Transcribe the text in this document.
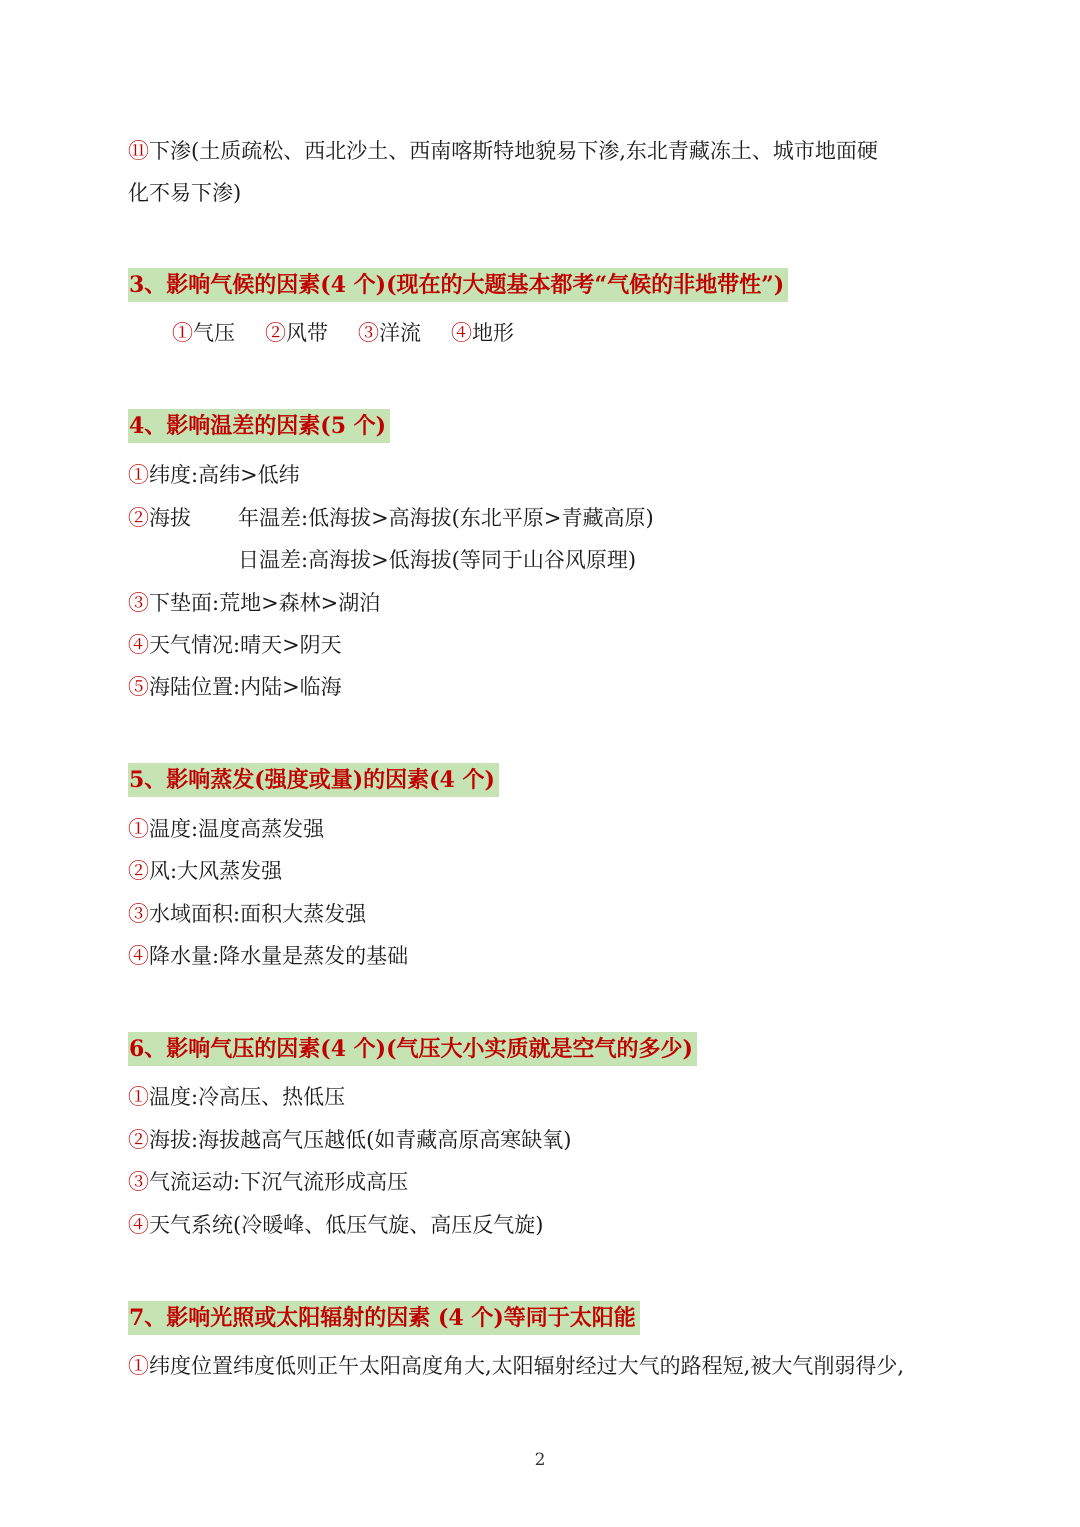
⑪下渗(土质疏松、西北沙土、西南喀斯特地貌易下渗,东北青藏冻土、城市地面硬
化不易下渗)
3、影响气候的因素(4 个)(现在的大题基本都考“气候的非地带性”)
①气压 ②风带 ③洋流 ④地形
4、影响温差的因素(5 个)
①纬度:高纬>低纬
②海拔 年温差:低海拔>高海拔(东北平原>青藏高原)
日温差:高海拔>低海拔(等同于山谷风原理)
③下垫面:荒地>森林>湖泊
④天气情况:晴天>阴天
⑤海陆位置:内陆>临海
5、影响蒸发(强度或量)的因素(4 个)
①温度:温度高蒸发强
②风:大风蒸发强
③水域面积:面积大蒸发强
④降水量:降水量是蒸发的基础
6、影响气压的因素(4 个)(气压大小实质就是空气的多少)
①温度:冷高压、热低压
②海拔:海拔越高气压越低(如青藏高原高寒缺氧)
③气流运动:下沉气流形成高压
④天气系统(冷暖峰、低压气旋、高压反气旋)
7、影响光照或太阳辐射的因素 (4 个)等同于太阳能
①纬度位置纬度低则正午太阳高度角大,太阳辐射经过大气的路程短,被大气削弱得少,
2
